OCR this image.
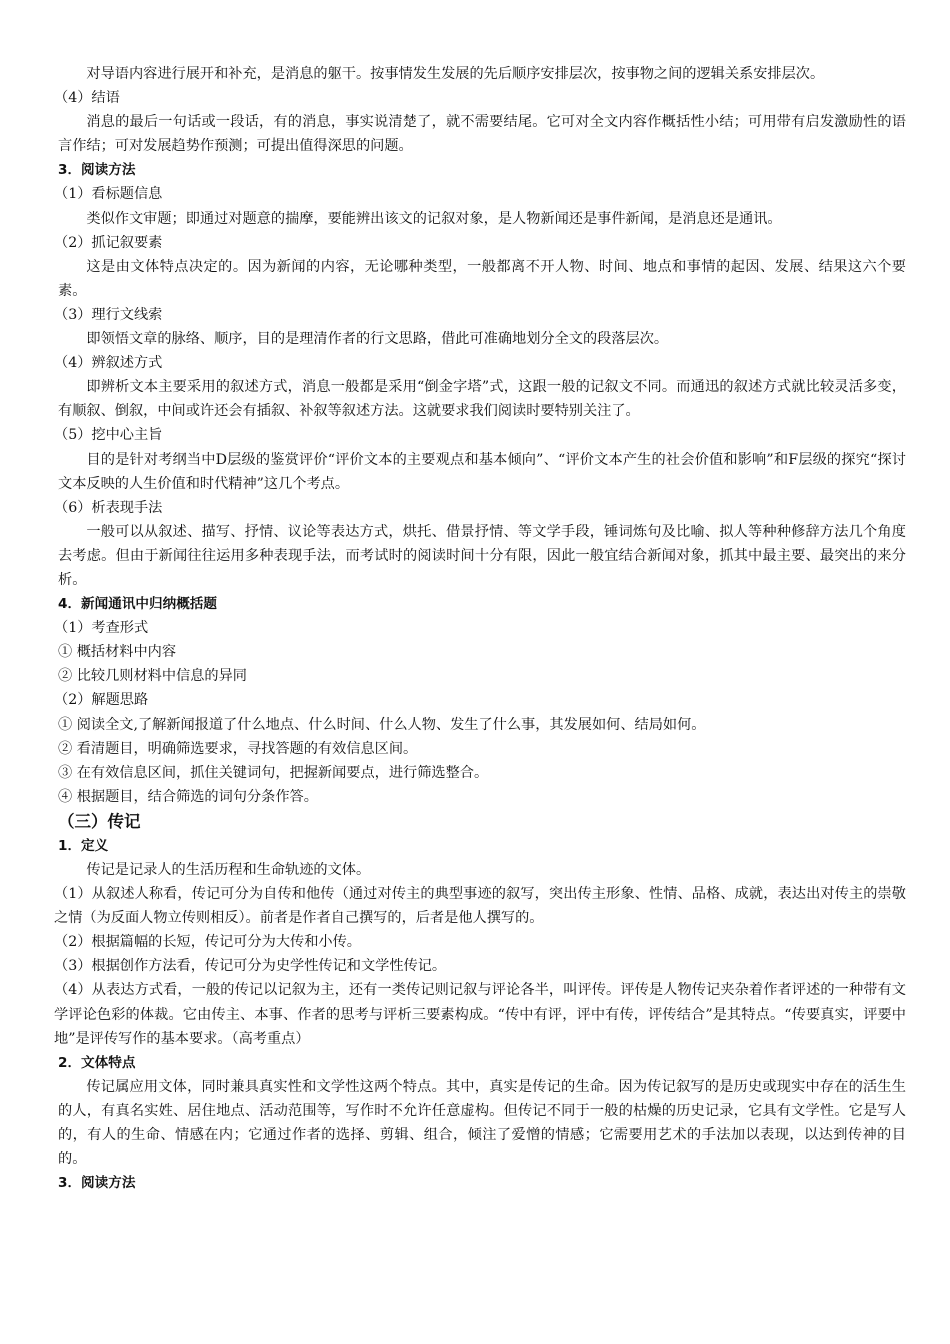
对导语内容进行展开和补充，是消息的躯干。按事情发生发展的先后顺序安排层次，按事物之间的逻辑关系安排层次。

（4）结语

消息的最后一句话或一段话，有的消息，事实说清楚了，就不需要结尾。它可对全文内容作概括性小结；可用带有启发激励性的语言作结；可对发展趋势作预测；可提出值得深思的问题。

3．阅读方法

（1）看标题信息

类似作文审题；即通过对题意的揣摩，要能辨出该文的记叙对象，是人物新闻还是事件新闻，是消息还是通讯。

（2）抓记叙要素

这是由文体特点决定的。因为新闻的内容，无论哪种类型，一般都离不开人物、时间、地点和事情的起因、发展、结果这六个要素。

（3）理行文线索

即领悟文章的脉络、顺序，目的是理清作者的行文思路，借此可准确地划分全文的段落层次。

（4）辨叙述方式

即辨析文本主要采用的叙述方式，消息一般都是采用“倒金字塔”式，这跟一般的记叙文不同。而通迅的叙述方式就比较灵活多变，有顺叙、倒叙，中间或许还会有插叙、补叙等叙述方法。这就要求我们阅读时要特别关注了。

（5）挖中心主旨

目的是针对考纲当中D层级的鉴赏评价“评价文本的主要观点和基本倾向”、“评价文本产生的社会价值和影响”和F层级的探究“探讨文本反映的人生价值和时代精神”这几个考点。

（6）析表现手法

一般可以从叙述、描写、抒情、议论等表达方式，烘托、借景抒情、等文学手段，锤词炼句及比喻、拟人等种种修辞方法几个角度去考虑。但由于新闻往往运用多种表现手法，而考试时的阅读时间十分有限，因此一般宜结合新闻对象，抓其中最主要、最突出的来分析。

4．新闻通讯中归纳概括题

（1）考查形式

① 概括材料中内容

② 比较几则材料中信息的异同

（2）解题思路

① 阅读全文,了解新闻报道了什么地点、什么时间、什么人物、发生了什么事，其发展如何、结局如何。

② 看清题目，明确筛选要求，寻找答题的有效信息区间。

③ 在有效信息区间，抓住关键词句，把握新闻要点，进行筛选整合。

④ 根据题目，结合筛选的词句分条作答。

（三）传记

1．定义

传记是记录人的生活历程和生命轨迹的文体。

（1）从叙述人称看，传记可分为自传和他传（通过对传主的典型事迹的叙写，突出传主形象、性情、品格、成就，表达出对传主的崇敬之情（为反面人物立传则相反）。前者是作者自己撰写的，后者是他人撰写的。

（2）根据篇幅的长短，传记可分为大传和小传。

（3）根据创作方法看，传记可分为史学性传记和文学性传记。

（4）从表达方式看，一般的传记以记叙为主，还有一类传记则记叙与评论各半，叫评传。评传是人物传记夹杂着作者评述的一种带有文学评论色彩的体裁。它由传主、本事、作者的思考与评析三要素构成。“传中有评，评中有传，评传结合”是其特点。“传要真实，评要中地”是评传写作的基本要求。（高考重点）

2．文体特点

传记属应用文体，同时兼具真实性和文学性这两个特点。其中，真实是传记的生命。因为传记叙写的是历史或现实中存在的活生生的人，有真名实姓、居住地点、活动范围等，写作时不允许任意虚构。但传记不同于一般的枯燥的历史记录，它具有文学性。它是写人的，有人的生命、情感在内；它通过作者的选择、剪辑、组合，倾注了爱憎的情感；它需要用艺术的手法加以表现，以达到传神的目的。

3．阅读方法
